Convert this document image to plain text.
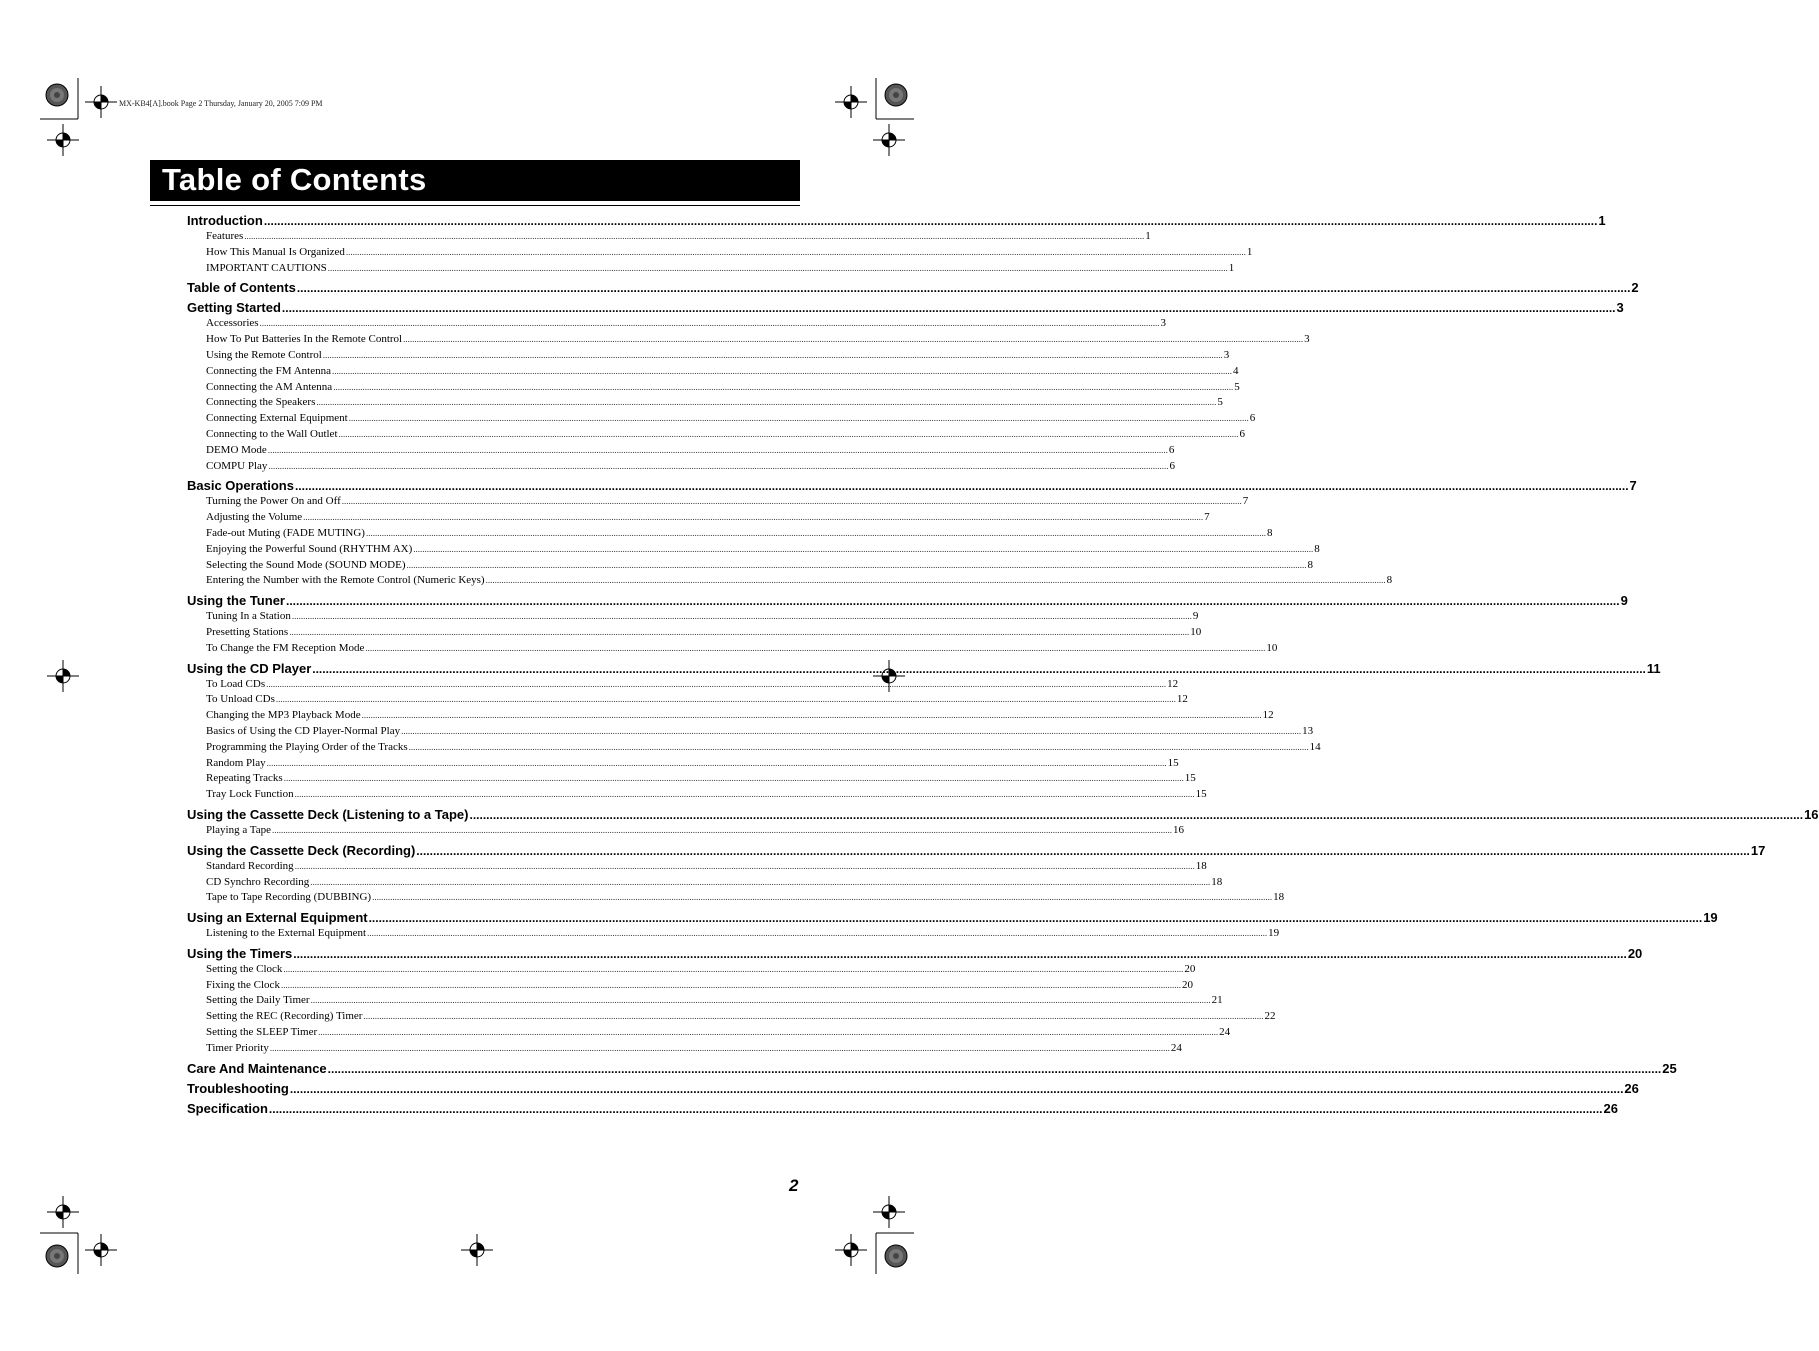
MX-KB4[A].book Page 2 Thursday, January 20, 2005 7:09 PM
Table of Contents
Introduction ................................................................................................................................................................................................................................................................................................................................................................................................................ 1
Features ................................................................................................................................................................................................................................................................................................................................................................................................................ 1
How This Manual Is Organized ................................................................................................................................................................................................................................................................................................................................................................................................................ 1
IMPORTANT CAUTIONS ................................................................................................................................................................................................................................................................................................................................................................................................................ 1
Table of Contents ................................................................................................................................................................................................................................................................................................................................................................................................................ 2
Getting Started ................................................................................................................................................................................................................................................................................................................................................................................................................ 3
Accessories ................................................................................................................................................................................................................................................................................................................................................................................................................ 3
How To Put Batteries In the Remote Control ................................................................................................................................................................................................................................................................................................................................................................................................................ 3
Using the Remote Control ................................................................................................................................................................................................................................................................................................................................................................................................................ 3
Connecting the FM Antenna ................................................................................................................................................................................................................................................................................................................................................................................................................ 4
Connecting the AM Antenna ................................................................................................................................................................................................................................................................................................................................................................................................................ 5
Connecting the Speakers ................................................................................................................................................................................................................................................................................................................................................................................................................ 5
Connecting External Equipment ................................................................................................................................................................................................................................................................................................................................................................................................................ 6
Connecting to the Wall Outlet ................................................................................................................................................................................................................................................................................................................................................................................................................ 6
DEMO Mode ................................................................................................................................................................................................................................................................................................................................................................................................................ 6
COMPU Play ................................................................................................................................................................................................................................................................................................................................................................................................................ 6
Basic Operations ................................................................................................................................................................................................................................................................................................................................................................................................................ 7
Turning the Power On and Off ................................................................................................................................................................................................................................................................................................................................................................................................................ 7
Adjusting the Volume ................................................................................................................................................................................................................................................................................................................................................................................................................ 7
Fade-out Muting (FADE MUTING) ................................................................................................................................................................................................................................................................................................................................................................................................................ 8
Enjoying the Powerful Sound (RHYTHM AX) ................................................................................................................................................................................................................................................................................................................................................................................................................ 8
Selecting the Sound Mode (SOUND MODE) ................................................................................................................................................................................................................................................................................................................................................................................................................ 8
Entering the Number with the Remote Control (Numeric Keys) ................................................................................................................................................................................................................................................................................................................................................................................................................ 8
Using the Tuner ................................................................................................................................................................................................................................................................................................................................................................................................................ 9
Tuning In a Station ................................................................................................................................................................................................................................................................................................................................................................................................................ 9
Presetting Stations ................................................................................................................................................................................................................................................................................................................................................................................................................ 10
To Change the FM Reception Mode ................................................................................................................................................................................................................................................................................................................................................................................................................ 10
Using the CD Player ................................................................................................................................................................................................................................................................................................................................................................................................................ 11
To Load CDs ................................................................................................................................................................................................................................................................................................................................................................................................................ 12
To Unload CDs ................................................................................................................................................................................................................................................................................................................................................................................................................ 12
Changing the MP3 Playback Mode ................................................................................................................................................................................................................................................................................................................................................................................................................ 12
Basics of Using the CD Player-Normal Play ................................................................................................................................................................................................................................................................................................................................................................................................................ 13
Programming the Playing Order of the Tracks ................................................................................................................................................................................................................................................................................................................................................................................................................ 14
Random Play ................................................................................................................................................................................................................................................................................................................................................................................................................ 15
Repeating Tracks ................................................................................................................................................................................................................................................................................................................................................................................................................ 15
Tray Lock Function ................................................................................................................................................................................................................................................................................................................................................................................................................ 15
Using the Cassette Deck (Listening to a Tape) ................................................................................................................................................................................................................................................................................................................................................................................................................ 16
Playing a Tape ................................................................................................................................................................................................................................................................................................................................................................................................................ 16
Using the Cassette Deck (Recording) ................................................................................................................................................................................................................................................................................................................................................................................................................ 17
Standard Recording ................................................................................................................................................................................................................................................................................................................................................................................................................ 18
CD Synchro Recording ................................................................................................................................................................................................................................................................................................................................................................................................................ 18
Tape to Tape Recording (DUBBING) ................................................................................................................................................................................................................................................................................................................................................................................................................ 18
Using an External Equipment ................................................................................................................................................................................................................................................................................................................................................................................................................ 19
Listening to the External Equipment ................................................................................................................................................................................................................................................................................................................................................................................................................ 19
Using the Timers ................................................................................................................................................................................................................................................................................................................................................................................................................ 20
Setting the Clock ................................................................................................................................................................................................................................................................................................................................................................................................................ 20
Fixing the Clock ................................................................................................................................................................................................................................................................................................................................................................................................................ 20
Setting the Daily Timer ................................................................................................................................................................................................................................................................................................................................................................................................................ 21
Setting the REC (Recording) Timer ................................................................................................................................................................................................................................................................................................................................................................................................................ 22
Setting the SLEEP Timer ................................................................................................................................................................................................................................................................................................................................................................................................................ 24
Timer Priority ................................................................................................................................................................................................................................................................................................................................................................................................................ 24
Care And Maintenance ................................................................................................................................................................................................................................................................................................................................................................................................................ 25
Troubleshooting ................................................................................................................................................................................................................................................................................................................................................................................................................ 26
Specification ................................................................................................................................................................................................................................................................................................................................................................................................................ 26
2
